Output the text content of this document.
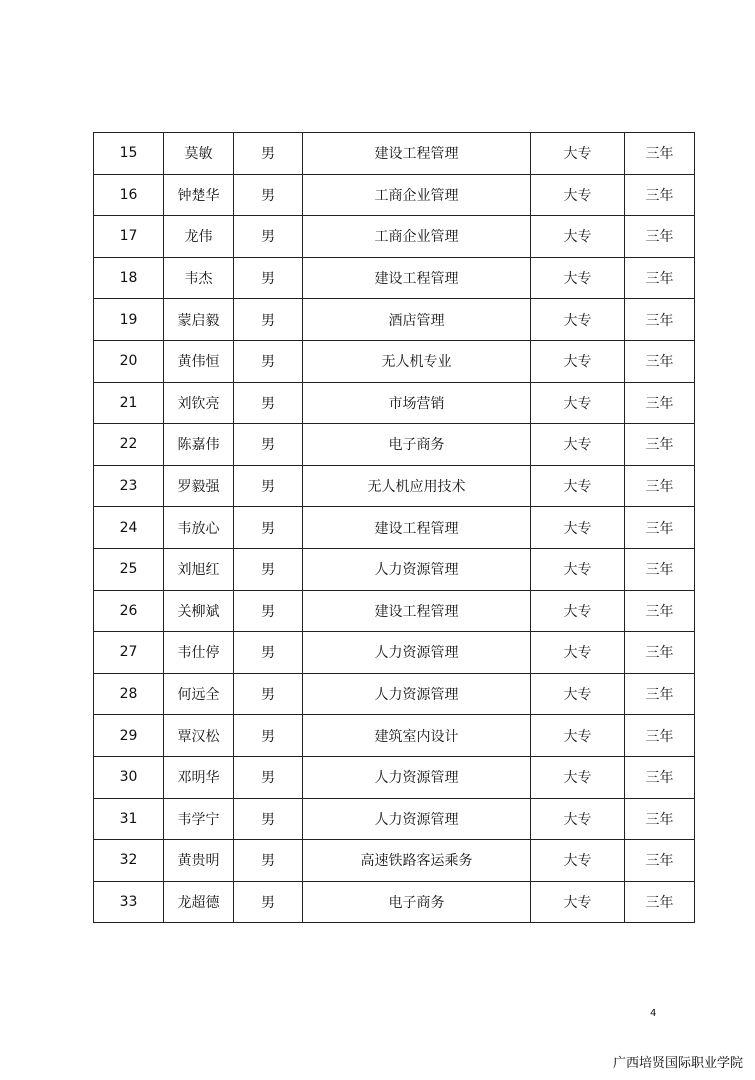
15	莫敏	男	建设工程管理	大专	三年
16	钟楚华	男	工商企业管理	大专	三年
17	龙伟	男	工商企业管理	大专	三年
18	韦杰	男	建设工程管理	大专	三年
19	蒙启毅	男	酒店管理	大专	三年
20	黄伟恒	男	无人机专业	大专	三年
21	刘钦亮	男	市场营销	大专	三年
22	陈嘉伟	男	电子商务	大专	三年
23	罗毅强	男	无人机应用技术	大专	三年
24	韦放心	男	建设工程管理	大专	三年
25	刘旭红	男	人力资源管理	大专	三年
26	关柳斌	男	建设工程管理	大专	三年
27	韦仕停	男	人力资源管理	大专	三年
28	何远全	男	人力资源管理	大专	三年
29	覃汉松	男	建筑室内设计	大专	三年
30	邓明华	男	人力资源管理	大专	三年
31	韦学宁	男	人力资源管理	大专	三年
32	黄贵明	男	高速铁路客运乘务	大专	三年
33	龙超德	男	电子商务	大专	三年
4
广西培贤国际职业学院
